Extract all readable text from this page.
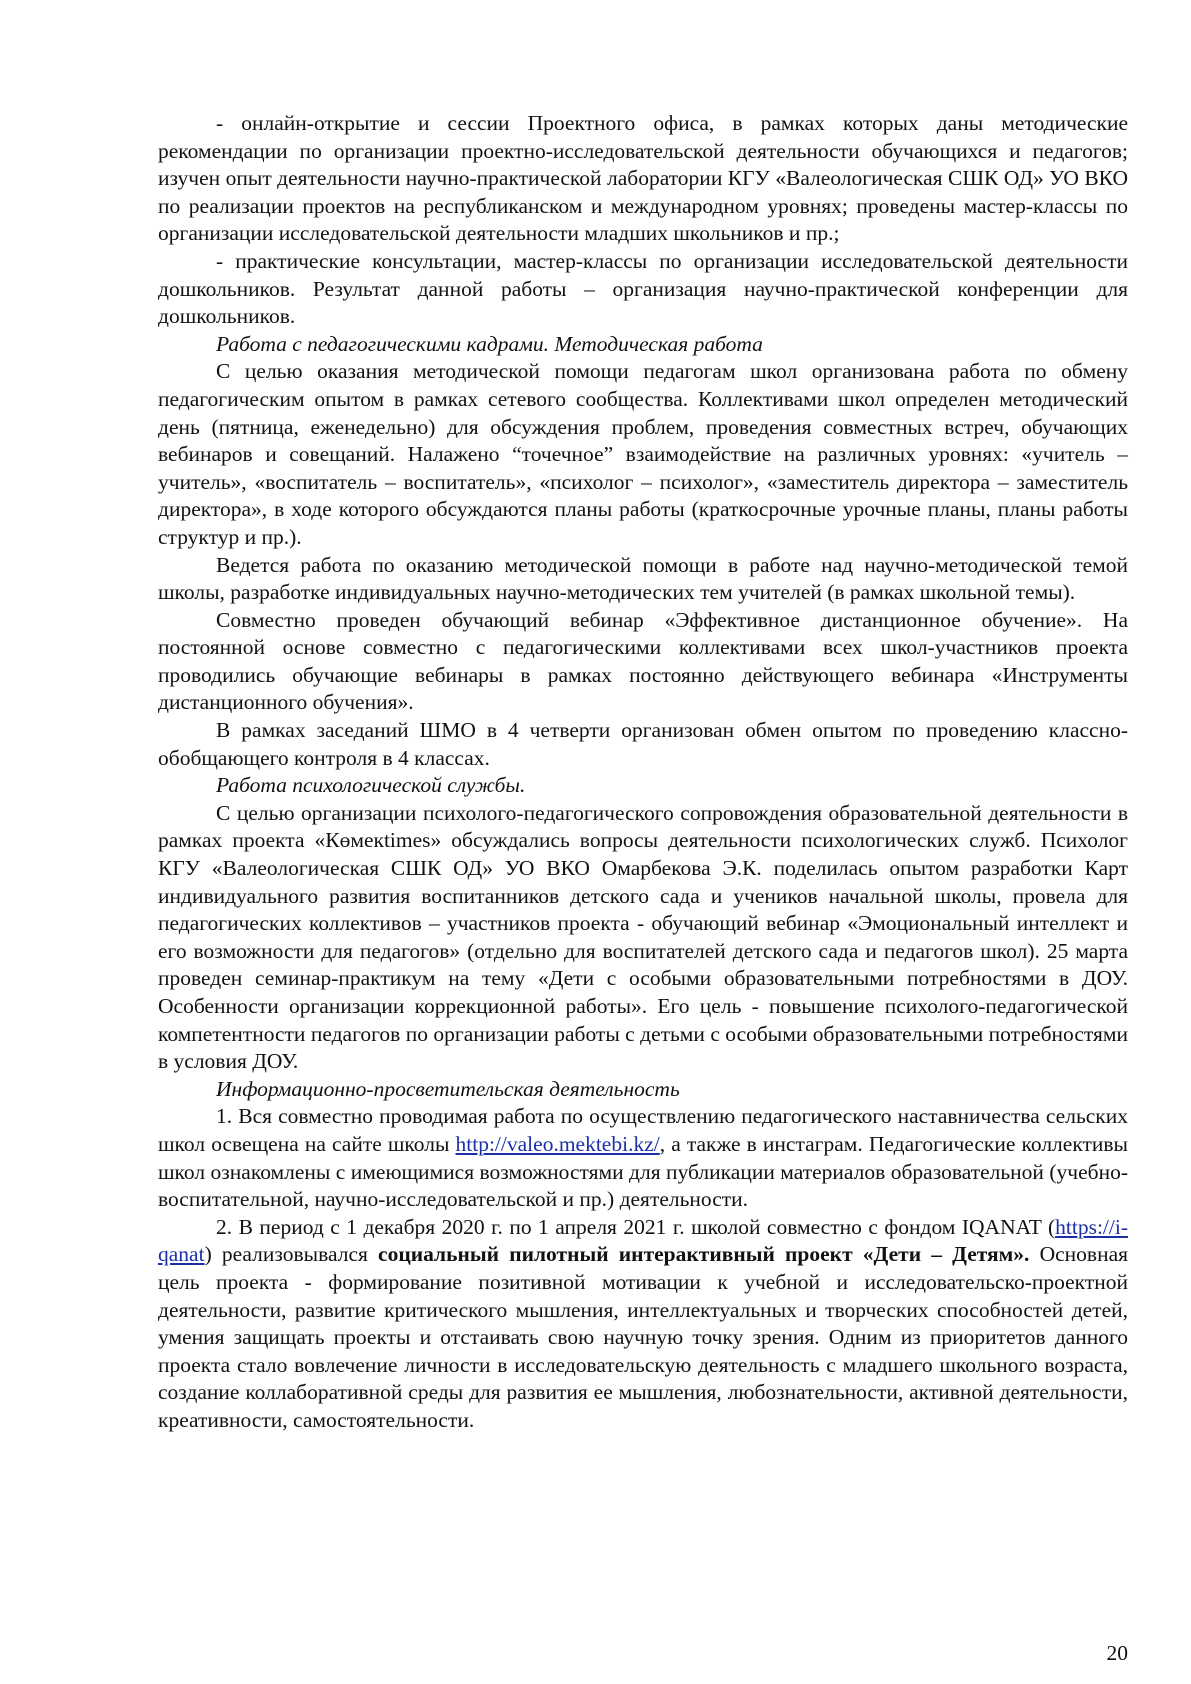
- онлайн-открытие и сессии Проектного офиса, в рамках которых даны методические рекомендации по организации проектно-исследовательской деятельности обучающихся и педагогов; изучен опыт деятельности научно-практической лаборатории КГУ «Валеологическая СШК ОД» УО ВКО по реализации проектов на республиканском и международном уровнях; проведены мастер-классы по организации исследовательской деятельности младших школьников и пр.;

- практические консультации, мастер-классы по организации исследовательской деятельности дошкольников. Результат данной работы – организация научно-практической конференции для дошкольников.

Работа с педагогическими кадрами. Методическая работа

С целью оказания методической помощи педагогам школ организована работа по обмену педагогическим опытом в рамках сетевого сообщества. Коллективами школ определен методический день (пятница, еженедельно) для обсуждения проблем, проведения совместных встреч, обучающих вебинаров и совещаний. Налажено “точечное” взаимодействие на различных уровнях: «учитель – учитель», «воспитатель – воспитатель», «психолог – психолог», «заместитель директора – заместитель директора», в ходе которого обсуждаются планы работы (краткосрочные урочные планы, планы работы структур и пр.).

Ведется работа по оказанию методической помощи в работе над научно-методической темой школы, разработке индивидуальных научно-методических тем учителей (в рамках школьной темы).

Совместно проведен обучающий вебинар «Эффективное дистанционное обучение». На постоянной основе совместно с педагогическими коллективами всех школ-участников проекта проводились обучающие вебинары в рамках постоянно действующего вебинара «Инструменты дистанционного обучения».

В рамках заседаний ШМО в 4 четверти организован обмен опытом по проведению классно-обобщающего контроля в 4 классах.

Работа психологической службы.

С целью организации психолого-педагогического сопровождения образовательной деятельности в рамках проекта «Көмекtimes» обсуждались вопросы деятельности психологических служб. Психолог КГУ «Валеологическая СШК ОД» УО ВКО Омарбекова Э.К. поделилась опытом разработки Карт индивидуального развития воспитанников детского сада и учеников начальной школы, провела для педагогических коллективов – участников проекта - обучающий вебинар «Эмоциональный интеллект и его возможности для педагогов» (отдельно для воспитателей детского сада и педагогов школ). 25 марта проведен семинар-практикум на тему «Дети с особыми образовательными потребностями в ДОУ. Особенности организации коррекционной работы». Его цель - повышение психолого-педагогической компетентности педагогов по организации работы с детьми с особыми образовательными потребностями в условия ДОУ.

Информационно-просветительская деятельность

1. Вся совместно проводимая работа по осуществлению педагогического наставничества сельских школ освещена на сайте школы http://valeo.mektebi.kz/, а также в инстаграм. Педагогические коллективы школ ознакомлены с имеющимися возможностями для публикации материалов образовательной (учебно-воспитательной, научно-исследовательской и пр.) деятельности.

2. В период с 1 декабря 2020 г. по 1 апреля 2021 г. школой совместно с фондом IQANAT (https://i-qanat) реализовывался социальный пилотный интерактивный проект «Дети – Детям». Основная цель проекта - формирование позитивной мотивации к учебной и исследовательско-проектной деятельности, развитие критического мышления, интеллектуальных и творческих способностей детей, умения защищать проекты и отстаивать свою научную точку зрения. Одним из приоритетов данного проекта стало вовлечение личности в исследовательскую деятельность с младшего школьного возраста, создание коллаборативной среды для развития ее мышления, любознательности, активной деятельности, креативности, самостоятельности.

20
